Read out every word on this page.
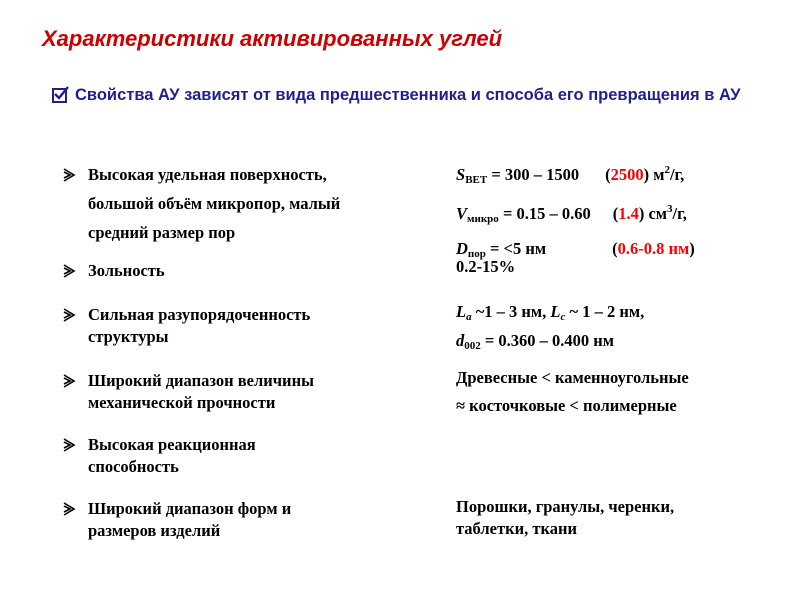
Характеристики активированных углей
Свойства АУ зависят от вида предшественника и способа его превращения в АУ
Высокая удельная поверхность,
большой объём микропор, малый
средний размер пор
Зольность
Сильная разупорядоченность
структуры
Широкий диапазон величины
механической прочности
Высокая реакционная
способность
Широкий диапазон форм и
размеров изделий
$S_{BET} = 300 - 1500$ (2500) $м^2/г$,
$V_{микро} = 0.15 - 0.60$ (1.4) $см^3/г$,
$D_{пор} = <5$ нм	(0.6-0.8 нм)
0.2-15%
$L_a$ ~1 – 3 нм, $L_c$ ~ 1 – 2 нм,
$d_{002} = 0.360 - 0.400$ нм
Древесные < каменноугольные
≈ косточковые < полимерные
Порошки, гранулы, черенки,
таблетки, ткани
